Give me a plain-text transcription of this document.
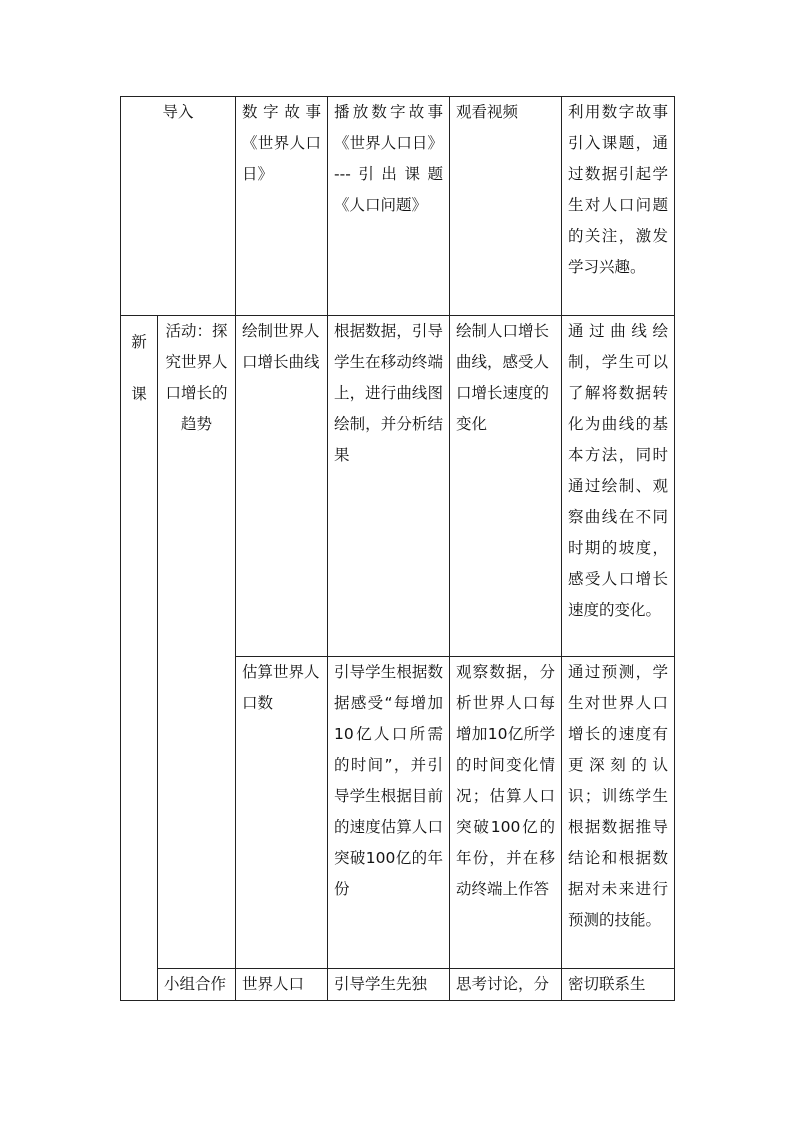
导入		数字故事《世界人口日》	播放数字故事《世界人口日》---引出课题《人口问题》	观看视频	利用数字故事引入课题，通过数据引起学生对人口问题的关注，激发学习兴趣。

新课	活动：探究世界人口增长的趋势	绘制世界人口增长曲线	根据数据，引导学生在移动终端上，进行曲线图绘制，并分析结果	绘制人口增长曲线，感受人口增长速度的变化	通过曲线绘制，学生可以了解将数据转化为曲线的基本方法，同时通过绘制、观察曲线在不同时期的坡度，感受人口增长速度的变化。
		估算世界人口数	引导学生根据数据感受“每增加10亿人口所需的时间”，并引导学生根据目前的速度估算人口突破100亿的年份	观察数据，分析世界人口每增加10亿所学的时间变化情况；估算人口突破100亿的年份，并在移动终端上作答	通过预测，学生对世界人口增长的速度有更深刻的认识；训练学生根据数据推导结论和根据数据对未来进行预测的技能。
	小组合作	世界人口	引导学生先独	思考讨论，分	密切联系生
